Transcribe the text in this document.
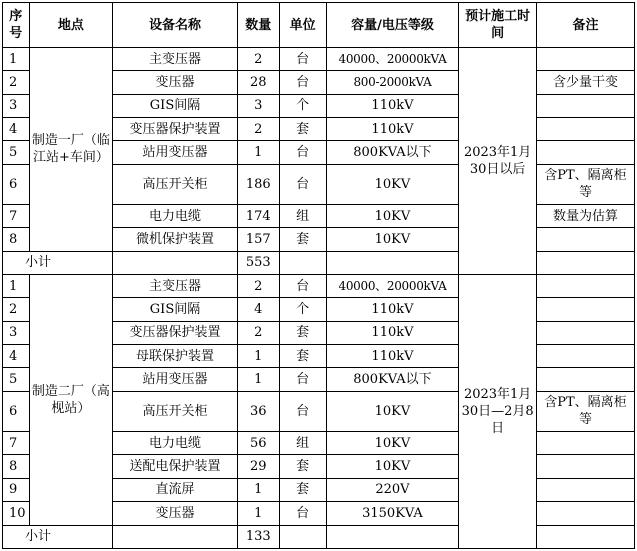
序号	地点	设备名称	数量	单位	容量/电压等级	预计施工时间	备注
1	制造一厂（临江站+车间）	主变压器	2	台	40000、20000kVA	2023年1月30日以后	
2		变压器	28	台	800-2000kVA		含少量干变
3		GIS间隔	3	个	110kV		
4		变压器保护装置	2	套	110kV		
5		站用变压器	1	台	800KVA以下		
6		高压开关柜	186	台	10KV		含PT、隔离柜等
7		电力电缆	174	组	10KV		数量为估算
8		微机保护装置	157	套	10KV		
小计			553				
1	制造二厂（高枧站）	主变压器	2	台	40000、20000kVA	2023年1月30日—2月8日	
2		GIS间隔	4	个	110kV		
3		变压器保护装置	2	套	110kV		
4		母联保护装置	1	套	110kV		
5		站用变压器	1	台	800KVA以下		
6		高压开关柜	36	台	10KV		含PT、隔离柜等
7		电力电缆	56	组	10KV		
8		送配电保护装置	29	套	10KV		
9		直流屏	1	套	220V		
10		变压器	1	台	3150KVA		
小计			133				
